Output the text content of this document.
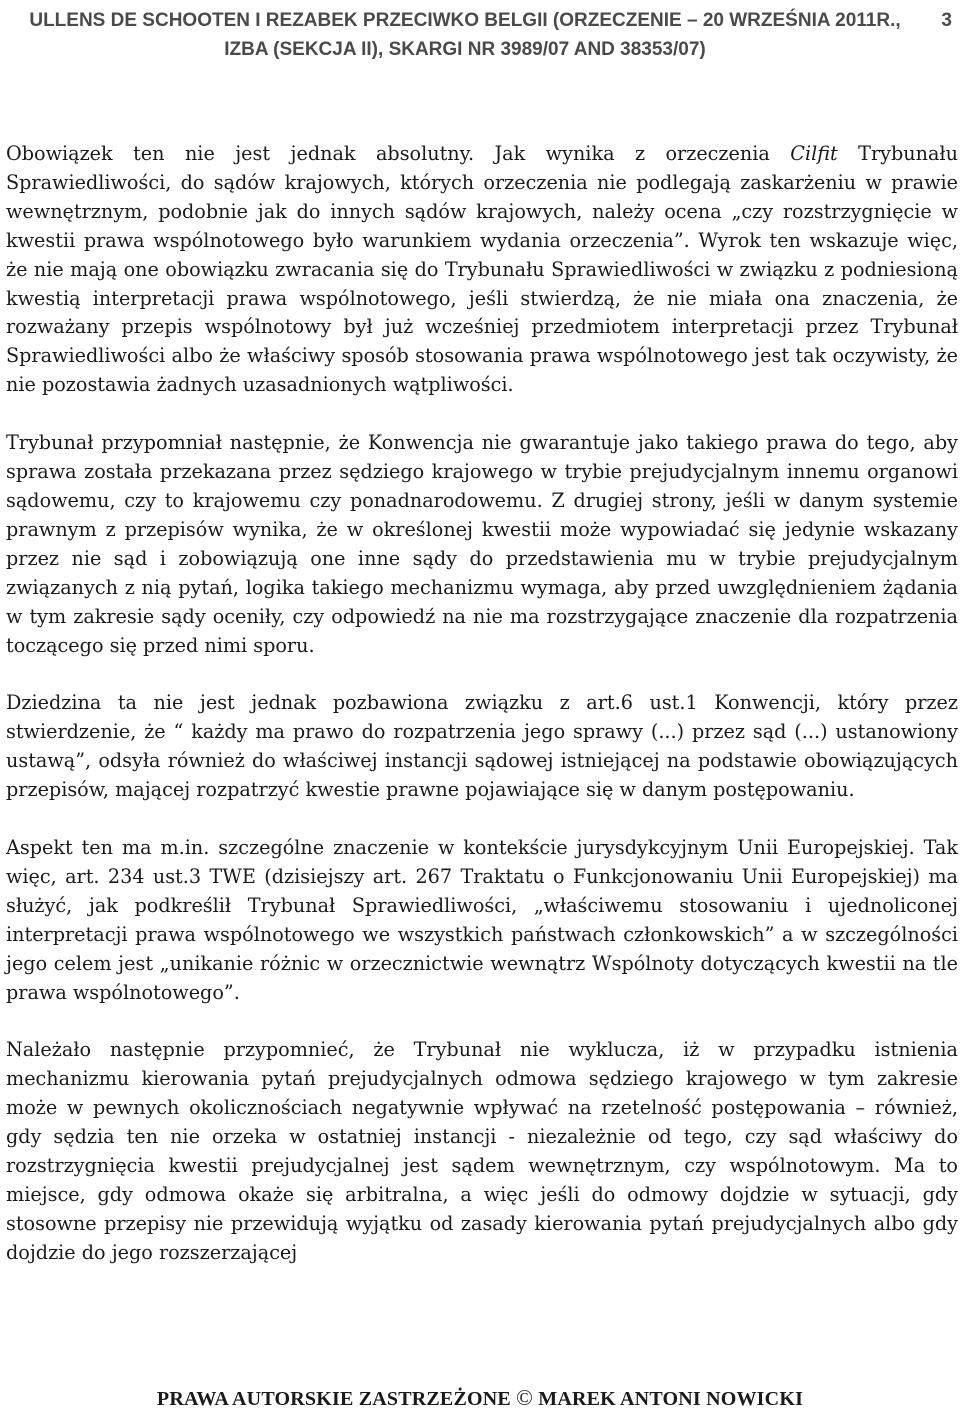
ULLENS DE SCHOOTEN I REZABEK PRZECIWKO BELGII (ORZECZENIE – 20 WRZEŚNIA 2011R.,
IZBA (SEKCJA II), SKARGI NR 3989/07 AND 38353/07)
3

Obowiązek ten nie jest jednak absolutny. Jak wynika z orzeczenia Cilfit Trybunału Sprawiedliwości, do sądów krajowych, których orzeczenia nie podlegają zaskarżeniu w prawie wewnętrznym, podobnie jak do innych sądów krajowych, należy ocena „czy rozstrzygnięcie w kwestii prawa wspólnotowego było warunkiem wydania orzeczenia”. Wyrok ten wskazuje więc, że nie mają one obowiązku zwracania się do Trybunału Sprawiedliwości w związku z podniesioną kwestią interpretacji prawa wspólnotowego, jeśli stwierdzą, że nie miała ona znaczenia, że rozważany przepis wspólnotowy był już wcześniej przedmiotem interpretacji przez Trybunał Sprawiedliwości albo że właściwy sposób stosowania prawa wspólnotowego jest tak oczywisty, że nie pozostawia żadnych uzasadnionych wątpliwości.

Trybunał przypomniał następnie, że Konwencja nie gwarantuje jako takiego prawa do tego, aby sprawa została przekazana przez sędziego krajowego w trybie prejudycjalnym innemu organowi sądowemu, czy to krajowemu czy ponadnarodowemu. Z drugiej strony, jeśli w danym systemie prawnym z przepisów wynika, że w określonej kwestii może wypowiadać się jedynie wskazany przez nie sąd i zobowiązują one inne sądy do przedstawienia mu w trybie prejudycjalnym związanych z nią pytań, logika takiego mechanizmu wymaga, aby przed uwzględnieniem żądania w tym zakresie sądy oceniły, czy odpowiedź na nie ma rozstrzygające znaczenie dla rozpatrzenia toczącego się przed nimi sporu.

Dziedzina ta nie jest jednak pozbawiona związku z art.6 ust.1 Konwencji, który przez stwierdzenie, że “ każdy ma prawo do rozpatrzenia jego sprawy (...) przez sąd (...) ustanowiony ustawą”, odsyła również do właściwej instancji sądowej istniejącej na podstawie obowiązujących przepisów, mającej rozpatrzyć kwestie prawne pojawiające się w danym postępowaniu.

Aspekt ten ma m.in. szczególne znaczenie w kontekście jurysdykcyjnym Unii Europejskiej. Tak więc, art. 234 ust.3 TWE (dzisiejszy art. 267 Traktatu o Funkcjonowaniu Unii Europejskiej) ma służyć, jak podkreślił Trybunał Sprawiedliwości, „właściwemu stosowaniu i ujednoliconej interpretacji prawa wspólnotowego we wszystkich państwach członkowskich” a w szczególności jego celem jest „unikanie różnic w orzecznictwie wewnątrz Wspólnoty dotyczących kwestii na tle prawa wspólnotowego”.

Należało następnie przypomnieć, że Trybunał nie wyklucza, iż w przypadku istnienia mechanizmu kierowania pytań prejudycjalnych odmowa sędziego krajowego w tym zakresie może w pewnych okolicznościach negatywnie wpływać na rzetelność postępowania – również, gdy sędzia ten nie orzeka w ostatniej instancji - niezależnie od tego, czy sąd właściwy do rozstrzygnięcia kwestii prejudycjalnej jest sądem wewnętrznym, czy wspólnotowym. Ma to miejsce, gdy odmowa okaże się arbitralna, a więc jeśli do odmowy dojdzie w sytuacji, gdy stosowne przepisy nie przewidują wyjątku od zasady kierowania pytań prejudycjalnych albo gdy dojdzie do jego rozszerzającej

PRAWA AUTORSKIE ZASTRZEŻONE © MAREK ANTONI NOWICKI
